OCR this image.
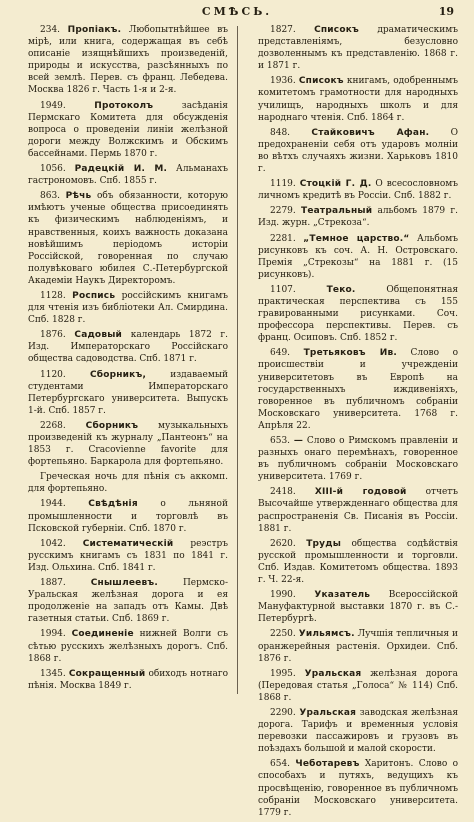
СМѢСЬ.	19

234. Пропіакъ. Любопытнѣйшее въ мірѣ, или книга, содержащая въ себѣ описаніе изящнѣйшихъ произведеній, природы и искусства, разсѣянныхъ по всей землѣ. Перев. съ франц. Лебедева. Москва 1826 г. Часть 1-я и 2-я.

1949.	Протоколъ	засѣданія Пермскаго Комитета для обсужденія вопроса о проведеніи линіи желѣзной дороги между Волжскимъ и Обскимъ бассейнами. Пермь 1870 г.

1056. Радецкій И. М. Альманахъ гастрономовъ. Спб. 1855 г.

863. Рѣчь объ обязанности, которую имѣютъ ученые общества присоединять къ физическимъ наблюденіямъ, и нравственныя, коихъ важность доказана новѣйшимъ періодомъ исторіи Россійской, говоренная по случаю полувѣковаго юбилея С.-Петербургской Академіи Наукъ Директоромъ.

1128. Роспись россійскимъ книгамъ для чтенія изъ библіотеки Ал. Смирдина. Спб. 1828 г.

1876. Садовый календарь 1872 г. Изд. Императорскаго Россійскаго общества садоводства. Спб. 1871 г.

1120.	Сборникъ,	издаваемый студентами Императорскаго Петербургскаго университета. Выпускъ 1-й. Спб. 1857 г.

2268. Сборникъ музыкальныхъ произведеній къ журналу „Пантеонъ“ на 1853 г. Cracovienne favorite для фортепьяно. Баркарола для фортепьяно.

Греческая ночь для пѣнія съ аккомп. для фортепьяно.

1944.	Свѣдѣнія	о льняной промышленности и торговлѣ въ Псковской губерніи. Спб. 1870 г.

1042. Систематическій реэстръ русскимъ книгамъ съ 1831 по 1841 г. Изд. Ольхина. Спб. 1841 г.

1887.	Снышлеевъ.	Пермско-Уральская желѣзная дорога и ея продолженіе на западъ отъ Камы. Двѣ газетныя статьи. Спб. 1869 г.

1994. Соединеніе нижней Волги съ сѣтью русскихъ желѣзныхъ дорогъ. Спб. 1868 г.

1345. Сокращенный обиходъ нотнаго пѣнія. Москва 1849 г.

1827. Списокъ драматическимъ представленіямъ, безусловно дозволеннымъ къ представленію. 1868 г. и 1871 г.

1936. Списокъ книгамъ, одобреннымъ комитетомъ грамотности для народныхъ училищъ, народныхъ школъ и для народнаго чтенія. Спб. 1864 г.

848. Стайковичъ Афан. О предохраненіи себя отъ ударовъ молніи во вѣтхъ случаяхъ жизни. Харьковъ 1810 г.

1119. Стоцкій Г. Д. О всесословномъ личномъ кредитѣ въ Россіи. Спб. 1882 г.

2279. Театральный альбомъ 1879 г. Изд. журн. „Стрекоза“.

2281. „Темное царство.“ Альбомъ рисунковъ къ соч. А. Н. Островскаго. Премія „Стрекозы“ на 1881 г. (15 рисунковъ).

1107.	Теко.	Общепонятная практическая перспектива съ 155 гравированными рисунками. Соч. профессора перспективы. Перев. съ франц. Осиповъ. Спб. 1852 г.

649. Третьяковъ Ив. Слово о происшествіи и учрежденіи университетовъ въ Европѣ на государственныхъ иждивеніяхъ, говоренное въ публичномъ собраніи Московскаго университета. 1768 г. Апрѣля 22.

653. — Слово о Римскомъ правленіи и разныхъ онаго перемѣнахъ, говоренное въ публичномъ собраніи Московскаго университета. 1769 г.

2418. XIII-й годовой отчетъ Высочайше утвержденнаго общества для распространенія Св. Писанія въ Россіи. 1881 г.

2620. Труды общества содѣйствія русской промышленности и торговли. Спб. Издав. Комитетомъ общества. 1893 г. Ч. 22-я.

1990. Указатель Всероссійской Мануфактурной выставки 1870 г. въ С.-Петербургѣ.

2250. Уильямсъ. Лучшія тепличныя и оранжерейныя растенія. Орхидеи. Спб. 1876 г.

1995. Уральская желѣзная дорога (Передовая статья „Голоса“ № 114) Спб. 1868 г.

2290. Уральская заводская желѣзная дорога. Тарифъ и временныя условія перевозки пассажировъ и грузовъ въ поѣздахъ большой и малой скорости.

654. Чеботаревъ Харитонъ. Слово о способахъ и путяхъ, ведущихъ къ просвѣщенію, говоренное въ публичномъ собраніи Московскаго университета. 1779 г.
